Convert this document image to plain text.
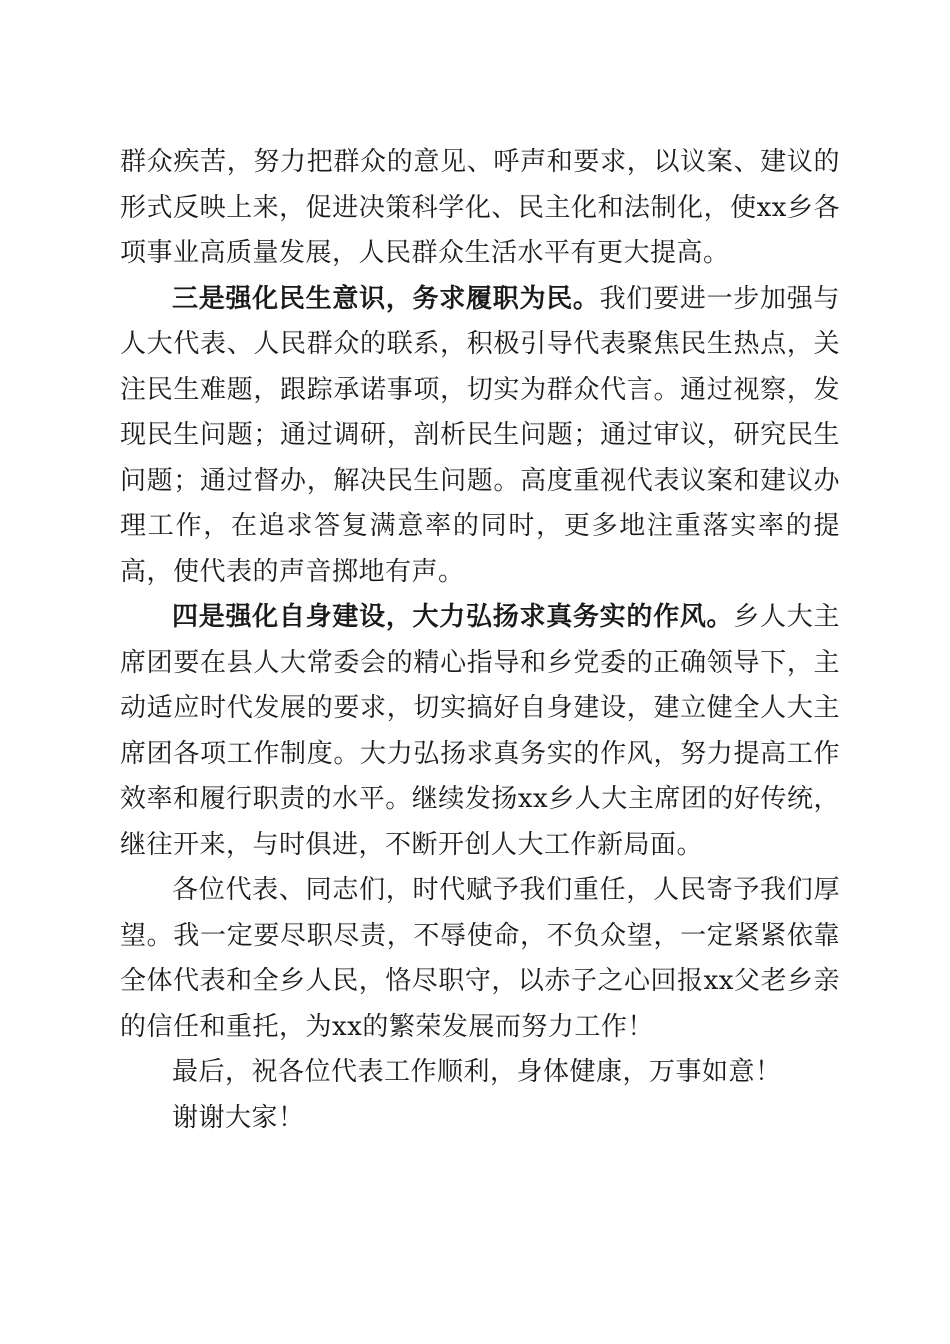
群众疾苦，努力把群众的意见、呼声和要求，以议案、建议的形式反映上来，促进决策科学化、民主化和法制化，使xx乡各项事业高质量发展，人民群众生活水平有更大提高。

三是强化民生意识，务求履职为民。我们要进一步加强与人大代表、人民群众的联系，积极引导代表聚焦民生热点，关注民生难题，跟踪承诺事项，切实为群众代言。通过视察，发现民生问题；通过调研，剖析民生问题；通过审议，研究民生问题；通过督办，解决民生问题。高度重视代表议案和建议办理工作，在追求答复满意率的同时，更多地注重落实率的提高，使代表的声音掷地有声。

四是强化自身建设，大力弘扬求真务实的作风。乡人大主席团要在县人大常委会的精心指导和乡党委的正确领导下，主动适应时代发展的要求，切实搞好自身建设，建立健全人大主席团各项工作制度。大力弘扬求真务实的作风，努力提高工作效率和履行职责的水平。继续发扬xx乡人大主席团的好传统，继往开来，与时俱进，不断开创人大工作新局面。

各位代表、同志们，时代赋予我们重任，人民寄予我们厚望。我一定要尽职尽责，不辱使命，不负众望，一定紧紧依靠全体代表和全乡人民，恪尽职守，以赤子之心回报xx父老乡亲的信任和重托，为xx的繁荣发展而努力工作！

最后，祝各位代表工作顺利，身体健康，万事如意！

谢谢大家！
